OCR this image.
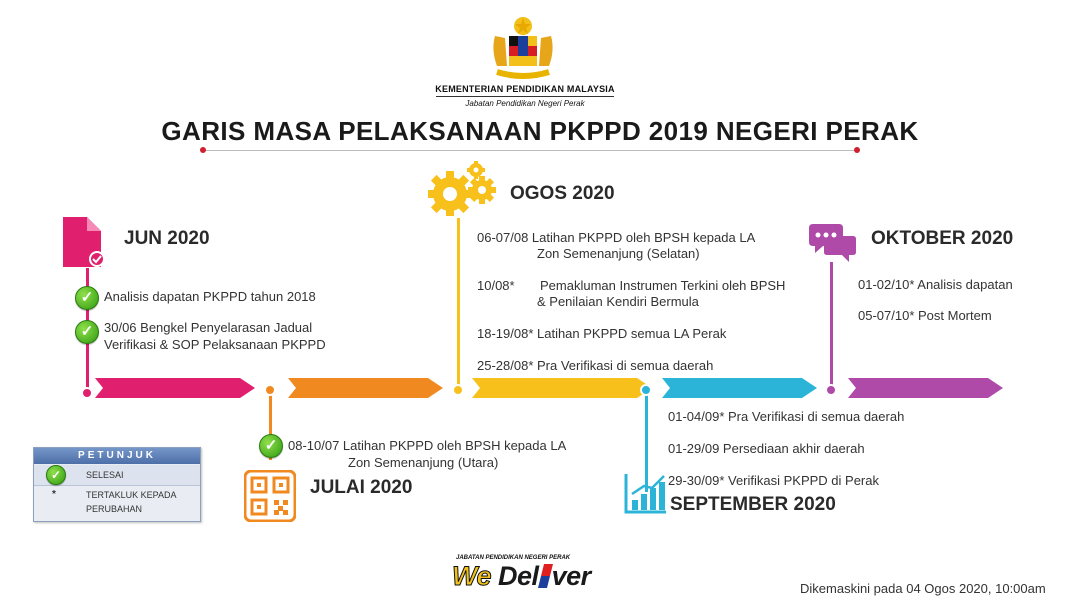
KEMENTERIAN PENDIDIKAN MALAYSIA
Jabatan Pendidikan Negeri Perak
GARIS MASA PELAKSANAAN PKPPD 2019 NEGERI PERAK
JUN 2020
✓ Analisis dapatan PKPPD tahun 2018
✓ 30/06 Bengkel Penyelarasan Jadual
Verifikasi & SOP Pelaksanaan PKPPD
✓ 08-10/07 Latihan PKPPD oleh BPSH kepada LA
Zon Semenanjung (Utara)
JULAI 2020
OGOS 2020
06-07/08 Latihan PKPPD oleh BPSH kepada LA
Zon Semenanjung (Selatan)
10/08* Pemakluman Instrumen Terkini oleh BPSH
& Penilaian Kendiri Bermula
18-19/08* Latihan PKPPD semua LA Perak
25-28/08* Pra Verifikasi di semua daerah
01-04/09* Pra Verifikasi di semua daerah
01-29/09 Persediaan akhir daerah
29-30/09* Verifikasi PKPPD di Perak
SEPTEMBER 2020
OKTOBER 2020
01-02/10* Analisis dapatan
05-07/10* Post Mortem
PETUNJUK
✓	SELESAI
*	TERTAKLUK KEPADA
PERUBAHAN
JABATAN PENDIDIKAN NEGERI PERAK
We Del ver	Dikemaskini pada 04 Ogos 2020, 10:00am
